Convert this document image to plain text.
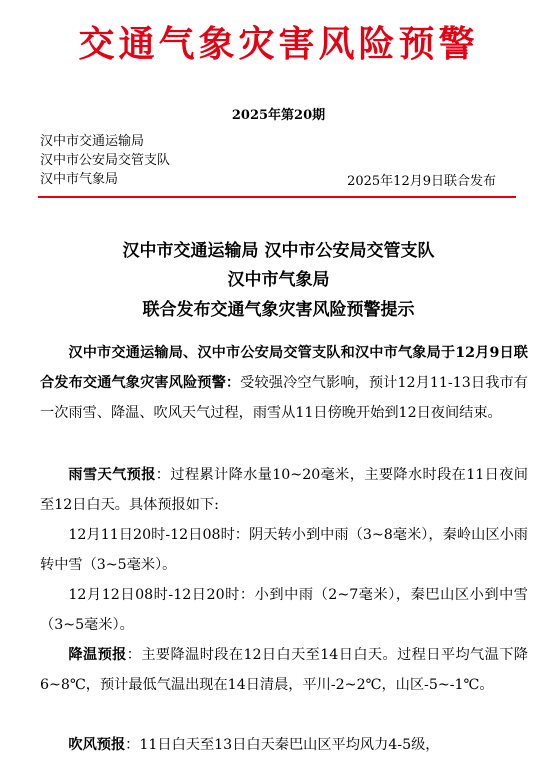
交通气象灾害风险预警
2025年第20期
汉中市交通运输局
汉中市公安局交管支队
汉中市气象局	2025年12月9日联合发布
汉中市交通运输局 汉中市公安局交管支队
汉中市气象局
联合发布交通气象灾害风险预警提示
汉中市交通运输局、汉中市公安局交管支队和汉中市气象局于12月9日联合发布交通气象灾害风险预警：受较强冷空气影响，预计12月11-13日我市有一次雨雪、降温、吹风天气过程，雨雪从11日傍晚开始到12日夜间结束。
雨雪天气预报：过程累计降水量10~20毫米，主要降水时段在11日夜间至12日白天。具体预报如下:
12月11日20时-12日08时：阴天转小到中雨（3~8毫米），秦岭山区小雨转中雪（3~5毫米）。
12月12日08时-12日20时：小到中雨（2~7毫米），秦巴山区小到中雪（3~5毫米）。
降温预报：主要降温时段在12日白天至14日白天。过程日平均气温下降6~8℃，预计最低气温出现在14日清晨，平川-2~2℃，山区-5~-1℃。
吹风预报：11日白天至13日白天秦巴山区平均风力4-5级，
